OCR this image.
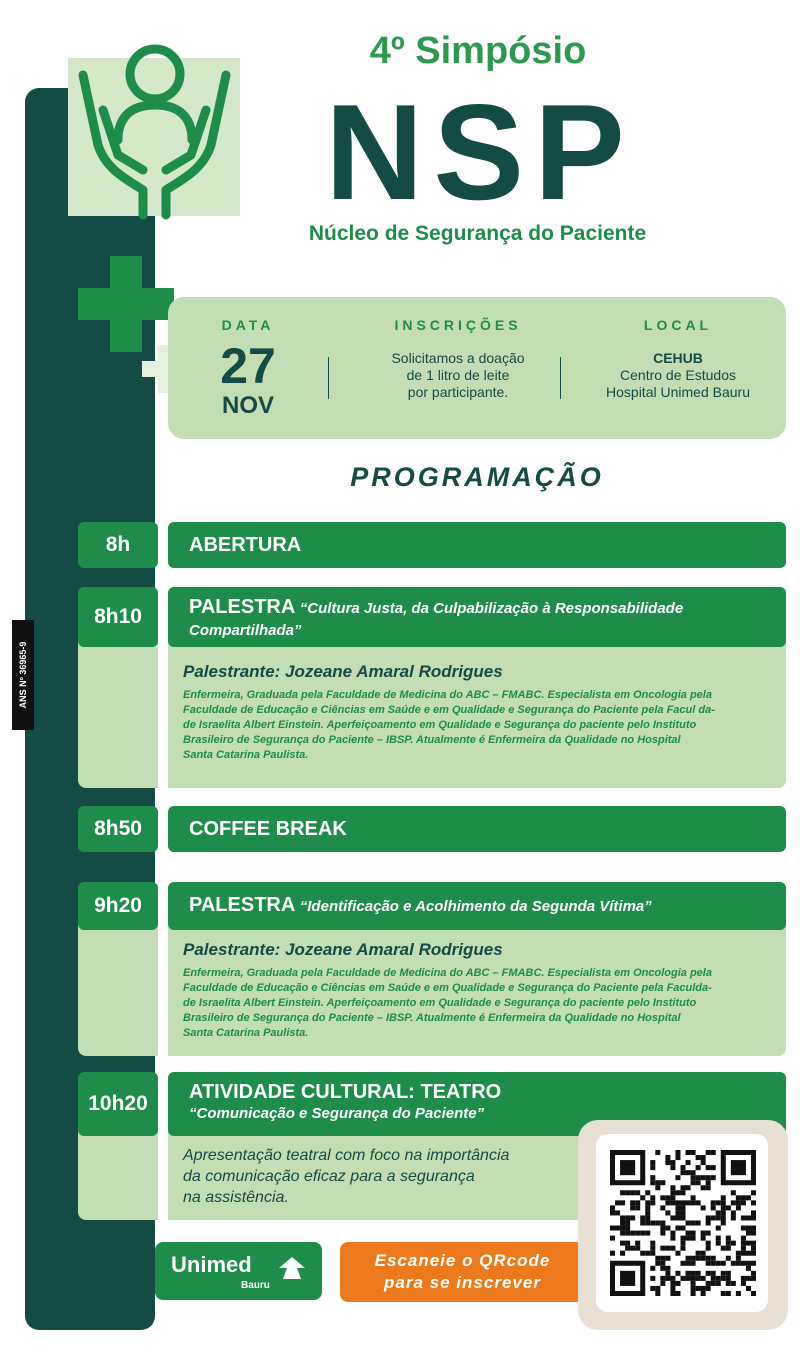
ANS Nº 36965-9
4º Simpósio
NSP
Núcleo de Segurança do Paciente
DATA
27
NOV
INSCRIÇÕES
Solicitamos a doação
de 1 litro de leite
por participante.
LOCAL
CEHUB
Centro de Estudos
Hospital Unimed Bauru
PROGRAMAÇÃO
8h	ABERTURA
8h10	PALESTRA “Cultura Justa, da Culpabilização à Responsabilidade
Compartilhada”
Palestrante: Jozeane Amaral Rodrigues
Enfermeira, Graduada pela Faculdade de Medicina do ABC – FMABC. Especialista em Oncologia pela
Faculdade de Educação e Ciências em Saúde e em Qualidade e Segurança do Paciente pela Facul da-
de Israelita Albert Einstein. Aperfeiçoamento em Qualidade e Segurança do paciente pelo Instituto
Brasileiro de Segurança do Paciente – IBSP. Atualmente é Enfermeira da Qualidade no Hospital
Santa Catarina Paulista.
8h50	COFFEE BREAK
9h20	PALESTRA “Identificação e Acolhimento da Segunda Vítima”
Palestrante: Jozeane Amaral Rodrigues
Enfermeira, Graduada pela Faculdade de Medicina do ABC – FMABC. Especialista em Oncologia pela
Faculdade de Educação e Ciências em Saúde e em Qualidade e Segurança do Paciente pela Faculda-
de Israelita Albert Einstein. Aperfeiçoamento em Qualidade e Segurança do paciente pelo Instituto
Brasileiro de Segurança do Paciente – IBSP. Atualmente é Enfermeira da Qualidade no Hospital
Santa Catarina Paulista.
10h20	ATIVIDADE CULTURAL: TEATRO
“Comunicação e Segurança do Paciente”
Apresentação teatral com foco na importância
da comunicação eficaz para a segurança
na assistência.
Unimed
Bauru
Escaneie o QRcode
para se inscrever
